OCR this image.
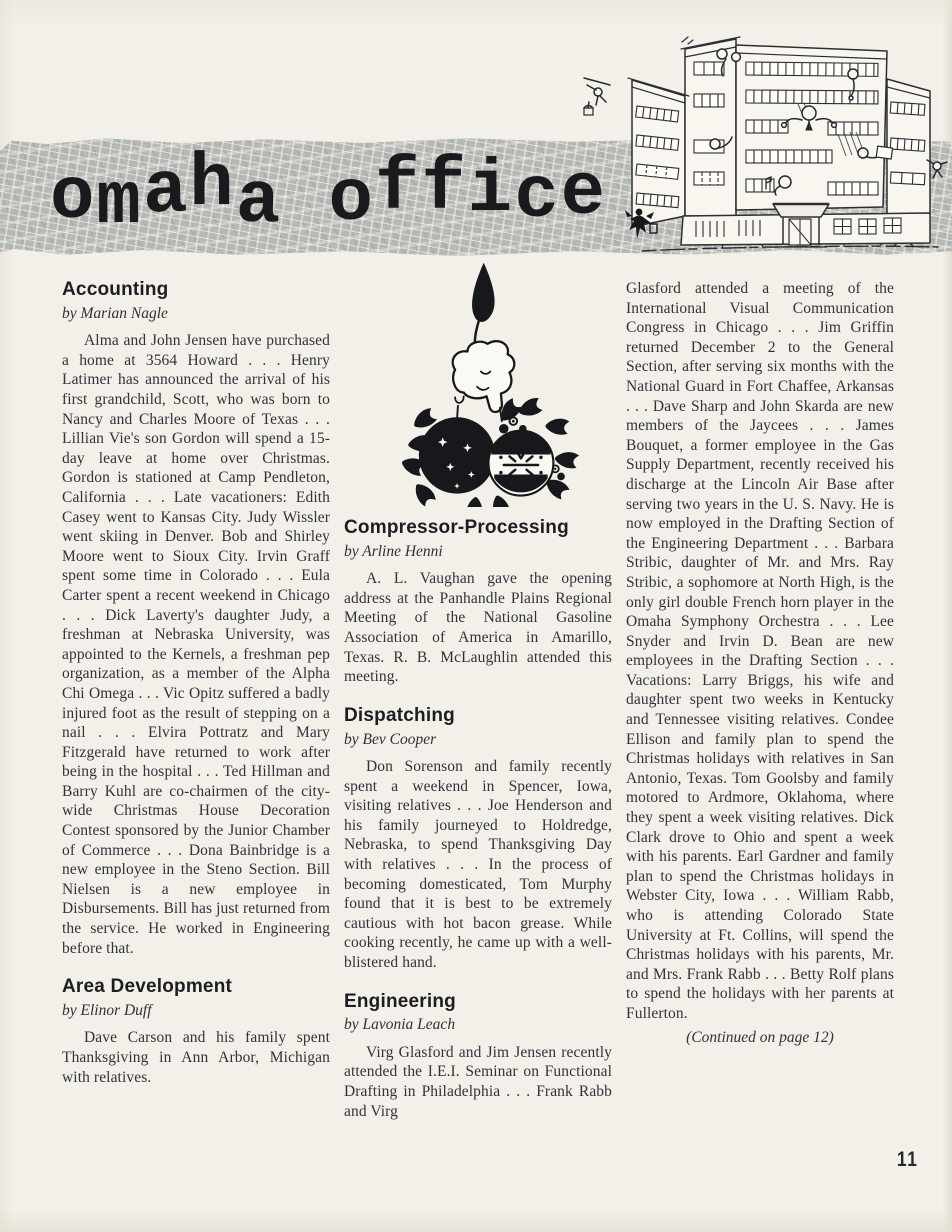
omaha office
Accounting

by Marian Nagle

Alma and John Jensen have purchased a home at 3564 Howard . . . Henry Latimer has announced the arrival of his first grandchild, Scott, who was born to Nancy and Charles Moore of Texas . . . Lillian Vie's son Gordon will spend a 15-day leave at home over Christmas. Gordon is stationed at Camp Pendleton, California . . . Late vacationers: Edith Casey went to Kansas City. Judy Wissler went skiing in Denver. Bob and Shirley Moore went to Sioux City. Irvin Graff spent some time in Colorado . . . Eula Carter spent a recent weekend in Chicago . . . Dick Laverty's daughter Judy, a freshman at Nebraska University, was appointed to the Kernels, a freshman pep organization, as a member of the Alpha Chi Omega . . . Vic Opitz suffered a badly injured foot as the result of stepping on a nail . . . Elvira Pottratz and Mary Fitzgerald have returned to work after being in the hospital . . . Ted Hillman and Barry Kuhl are co-chairmen of the city-wide Christmas House Decoration Contest sponsored by the Junior Chamber of Commerce . . . Dona Bainbridge is a new employee in the Steno Section. Bill Nielsen is a new employee in Disbursements. Bill has just returned from the service. He worked in Engineering before that.

Area Development

by Elinor Duff

Dave Carson and his family spent Thanksgiving in Ann Arbor, Michigan with relatives.

Compressor-Processing

by Arline Henni

A. L. Vaughan gave the opening address at the Panhandle Plains Regional Meeting of the National Gasoline Association of America in Amarillo, Texas. R. B. McLaughlin attended this meeting.

Dispatching

by Bev Cooper

Don Sorenson and family recently spent a weekend in Spencer, Iowa, visiting relatives . . . Joe Henderson and his family journeyed to Holdredge, Nebraska, to spend Thanksgiving Day with relatives . . . In the process of becoming domesticated, Tom Murphy found that it is best to be extremely cautious with hot bacon grease. While cooking recently, he came up with a well-blistered hand.

Engineering

by Lavonia Leach

Virg Glasford and Jim Jensen recently attended the I.E.I. Seminar on Functional Drafting in Philadelphia . . . Frank Rabb and Virg

Glasford attended a meeting of the International Visual Communication Congress in Chicago . . . Jim Griffin returned December 2 to the General Section, after serving six months with the National Guard in Fort Chaffee, Arkansas . . . Dave Sharp and John Skarda are new members of the Jaycees . . . James Bouquet, a former employee in the Gas Supply Department, recently received his discharge at the Lincoln Air Base after serving two years in the U. S. Navy. He is now employed in the Drafting Section of the Engineering Department . . . Barbara Stribic, daughter of Mr. and Mrs. Ray Stribic, a sophomore at North High, is the only girl double French horn player in the Omaha Symphony Orchestra . . . Lee Snyder and Irvin D. Bean are new employees in the Drafting Section . . . Vacations: Larry Briggs, his wife and daughter spent two weeks in Kentucky and Tennessee visiting relatives. Condee Ellison and family plan to spend the Christmas holidays with relatives in San Antonio, Texas. Tom Goolsby and family motored to Ardmore, Oklahoma, where they spent a week visiting relatives. Dick Clark drove to Ohio and spent a week with his parents. Earl Gardner and family plan to spend the Christmas holidays in Webster City, Iowa . . . William Rabb, who is attending Colorado State University at Ft. Collins, will spend the Christmas holidays with his parents, Mr. and Mrs. Frank Rabb . . . Betty Rolf plans to spend the holidays with her parents at Fullerton.

(Continued on page 12)

11
